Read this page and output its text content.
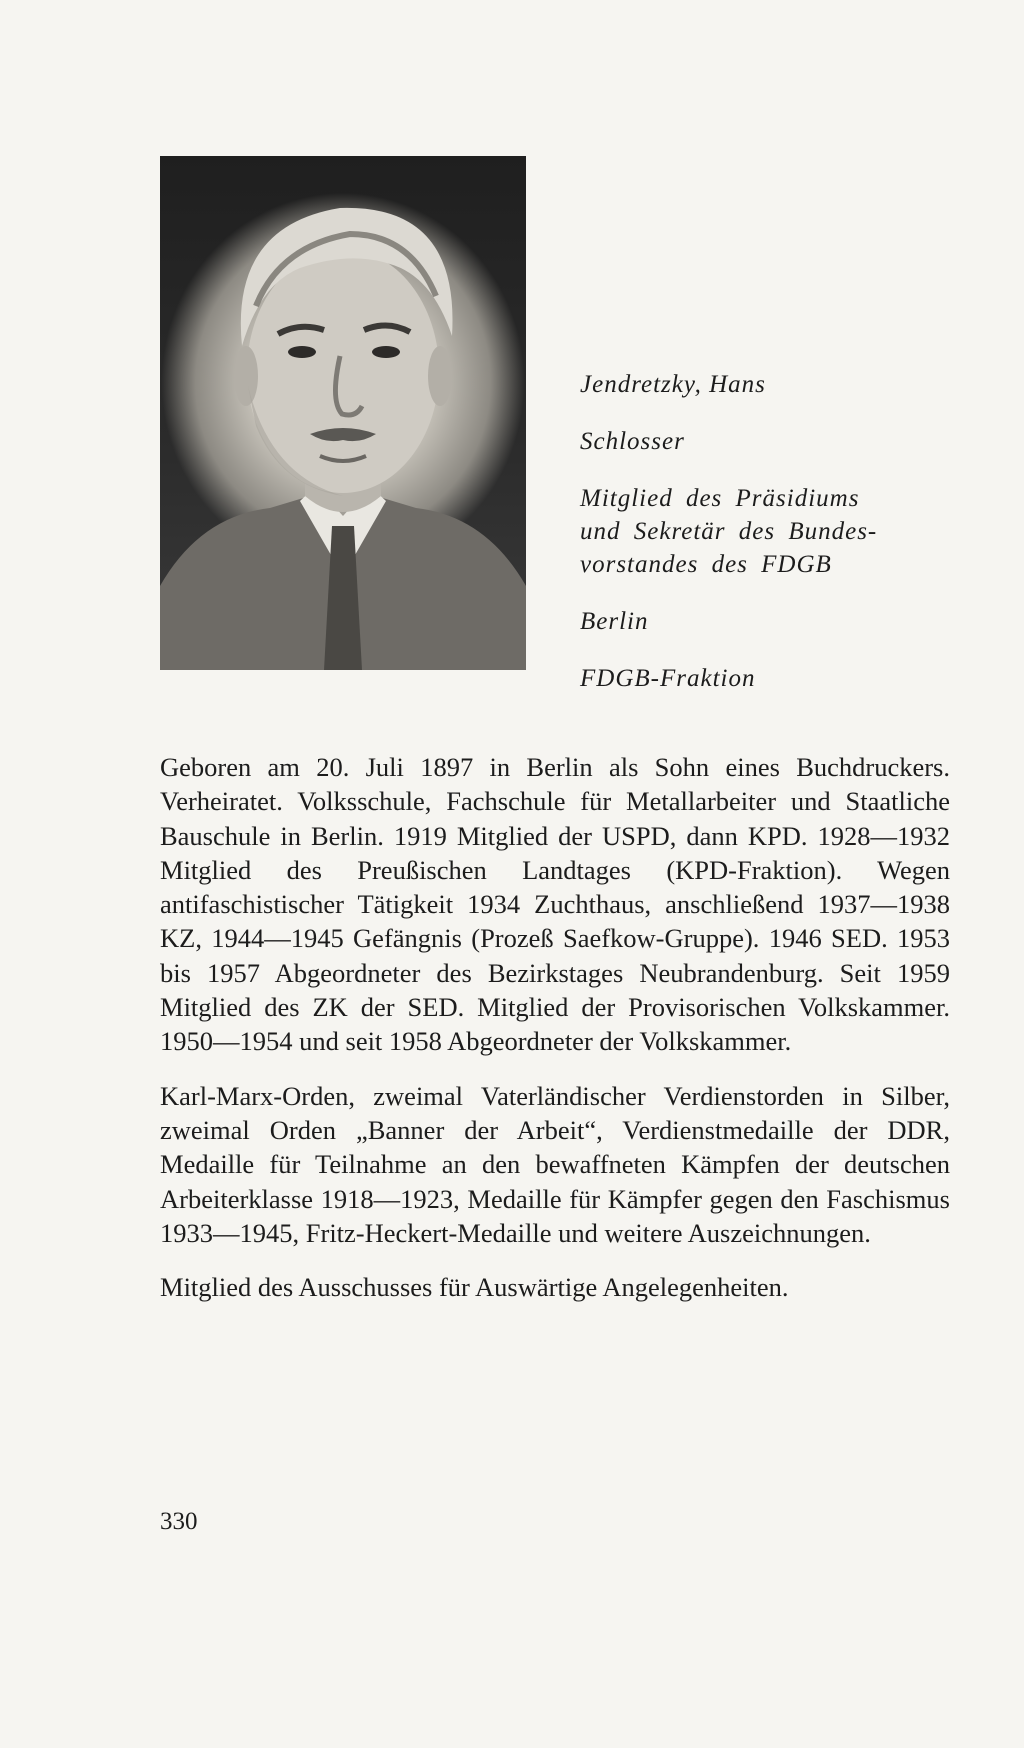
Jendretzky, Hans
Schlosser
Mitglied des Präsidiums
und Sekretär des Bundes-
vorstandes des FDGB
Berlin
FDGB-Fraktion

Geboren am 20. Juli 1897 in Berlin als Sohn eines Buchdruckers. Verheiratet. Volksschule, Fachschule für Metallarbeiter und Staatliche Bauschule in Berlin. 1919 Mitglied der USPD, dann KPD. 1928—1932 Mitglied des Preußischen Landtages (KPD-Fraktion). Wegen antifaschistischer Tätigkeit 1934 Zuchthaus, anschließend 1937—1938 KZ, 1944—1945 Gefängnis (Prozeß Saefkow-Gruppe). 1946 SED. 1953 bis 1957 Abgeordneter des Bezirkstages Neubrandenburg. Seit 1959 Mitglied des ZK der SED. Mitglied der Provisorischen Volkskammer. 1950—1954 und seit 1958 Abgeordneter der Volkskammer.

Karl-Marx-Orden, zweimal Vaterländischer Verdienstorden in Silber, zweimal Orden „Banner der Arbeit“, Verdienstmedaille der DDR, Medaille für Teilnahme an den bewaffneten Kämpfen der deutschen Arbeiterklasse 1918—1923, Medaille für Kämpfer gegen den Faschismus 1933—1945, Fritz-Heckert-Medaille und weitere Auszeichnungen.

Mitglied des Ausschusses für Auswärtige Angelegenheiten.

330
